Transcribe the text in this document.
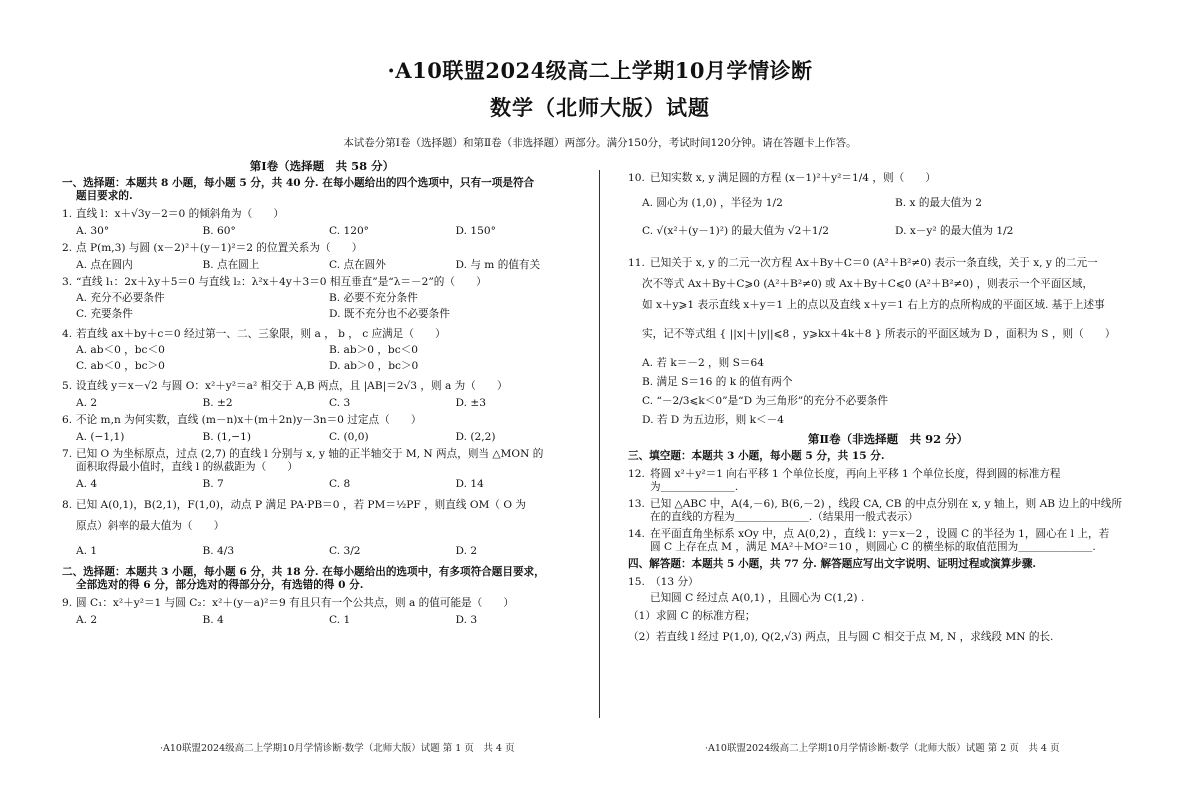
·A10联盟2024级高二上学期10月学情诊断
数学（北师大版）试题
本试卷分第Ⅰ卷（选择题）和第Ⅱ卷（非选择题）两部分。满分150分，考试时间120分钟。请在答题卡上作答。
第Ⅰ卷（选择题　共 58 分）
一、选择题：本题共 8 小题，每小题 5 分，共 40 分. 在每小题给出的四个选项中，只有一项是符合
题目要求的.
1. 直线 l：x＋√3y－2＝0 的倾斜角为（　　）
A. 30°	B. 60°	C. 120°	D. 150°
2. 点 P(m,3) 与圆 (x－2)²＋(y－1)²＝2 的位置关系为（　　）
A. 点在圆内	B. 点在圆上	C. 点在圆外	D. 与 m 的值有关
3. “直线 l₁：2x＋λy＋5＝0 与直线 l₂：λ²x＋4y＋3＝0 相互垂直”是“λ＝－2”的（　　）
A. 充分不必要条件	B. 必要不充分条件
C. 充要条件	D. 既不充分也不必要条件
4. 若直线 ax＋by＋c＝0 经过第一、二、三象限，则 a ， b ， c 应满足（　　）
A. ab＜0 ，bc＜0	B. ab＞0 ，bc＜0
C. ab＜0 ，bc＞0	D. ab＞0 ，bc＞0
5. 设直线 y＝x－√2 与圆 O：x²＋y²＝a² 相交于 A,B 两点，且 |AB|＝2√3 ，则 a 为（　　）
A. 2	B. ±2	C. 3	D. ±3
6. 不论 m,n 为何实数，直线 (m－n)x＋(m＋2n)y－3n＝0 过定点（　　）
A. (−1,1)	B. (1,−1)	C. (0,0)	D. (2,2)
7. 已知 O 为坐标原点，过点 (2,7) 的直线 l 分别与 x, y 轴的正半轴交于 M, N 两点，则当 △MON 的
面积取得最小值时，直线 l 的纵截距为（　　）
A. 4	B. 7	C. 8	D. 14
8. 已知 A(0,1)，B(2,1)，F(1,0)，动点 P 满足 PA·PB＝0 ，若 PM＝½PF ，则直线 OM（ O 为
原点）斜率的最大值为（　　）
A. 1	B. 4/3	C. 3/2	D. 2
二、选择题：本题共 3 小题，每小题 6 分，共 18 分. 在每小题给出的选项中，有多项符合题目要求，
全部选对的得 6 分，部分选对的得部分分，有选错的得 0 分.
9. 圆 C₁：x²＋y²＝1 与圆 C₂：x²＋(y－a)²＝9 有且只有一个公共点，则 a 的值可能是（　　）
A. 2	B. 4	C. 1	D. 3
10. 已知实数 x, y 满足圆的方程 (x－1)²＋y²＝1/4 ，则（　　）
A. 圆心为 (1,0) ，半径为 1/2	B. x 的最大值为 2
C. √(x²＋(y－1)²) 的最大值为 √2＋1/2	D. x－y² 的最大值为 1/2
11. 已知关于 x, y 的二元一次方程 Ax＋By＋C＝0 (A²＋B²≠0) 表示一条直线，关于 x, y 的二元一
次不等式 Ax＋By＋C⩾0 (A²＋B²≠0) 或 Ax＋By＋C⩽0 (A²＋B²≠0) ，则表示一个平面区域，
如 x＋y⩾1 表示直线 x＋y＝1 上的点以及直线 x＋y＝1 右上方的点所构成的平面区域. 基于上述事
实，记不等式组 { ||x|＋|y||⩽8 ，y⩾kx＋4k＋8 } 所表示的平面区域为 D ，面积为 S ，则（　　）
A. 若 k＝－2 ，则 S＝64
B. 满足 S＝16 的 k 的值有两个
C. “－2/3⩽k＜0”是“D 为三角形”的充分不必要条件
D. 若 D 为五边形，则 k＜－4
第Ⅱ卷（非选择题　共 92 分）
三、填空题：本题共 3 小题，每小题 5 分，共 15 分.
12. 将圆 x²＋y²＝1 向右平移 1 个单位长度，再向上平移 1 个单位长度，得到圆的标准方程
为＿＿＿＿＿＿＿.
13. 已知 △ABC 中，A(4,－6), B(6,－2) ，线段 CA, CB 的中点分别在 x, y 轴上，则 AB 边上的中线所
在的直线的方程为＿＿＿＿＿＿＿.（结果用一般式表示）
14. 在平面直角坐标系 xOy 中，点 A(0,2) ，直线 l：y＝x－2 ，设圆 C 的半径为 1，圆心在 l 上，若
圆 C 上存在点 M ，满足 MA²＋MO²＝10 ，则圆心 C 的横坐标的取值范围为＿＿＿＿＿＿＿.
四、解答题：本题共 5 小题，共 77 分. 解答题应写出文字说明、证明过程或演算步骤.
15. （13 分）
已知圆 C 经过点 A(0,1) ，且圆心为 C(1,2) .
（1）求圆 C 的标准方程；
（2）若直线 l 经过 P(1,0), Q(2,√3) 两点，且与圆 C 相交于点 M, N ，求线段 MN 的长.
·A10联盟2024级高二上学期10月学情诊断·数学（北师大版）试题 第 1 页　共 4 页	·A10联盟2024级高二上学期10月学情诊断·数学（北师大版）试题 第 2 页　共 4 页
